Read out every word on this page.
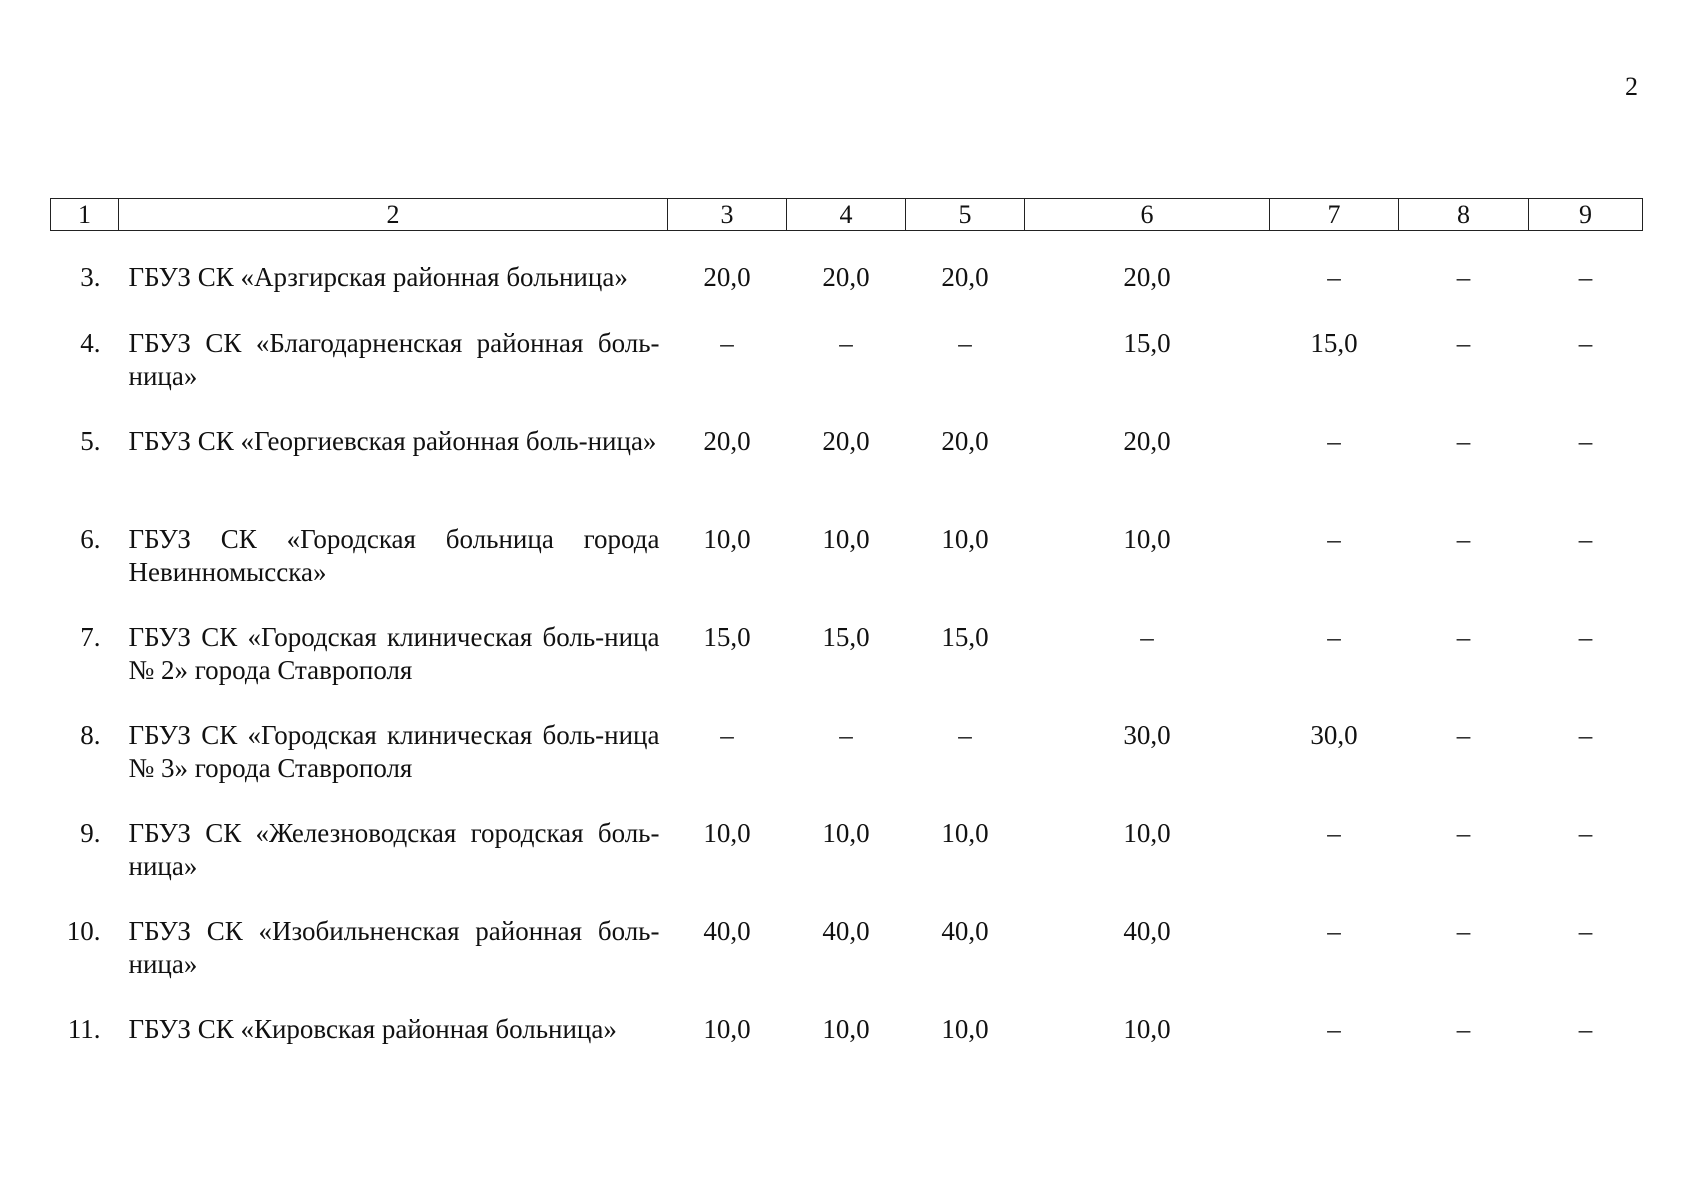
2
1	2	3	4	5	6	7	8	9
3.	ГБУЗ СК «Арзгирская районная больница»	20,0	20,0	20,0	20,0	–	–	–
4.	ГБУЗ СК «Благодарненская районная боль-ница»	–	–	–	15,0	15,0	–	–
5.	ГБУЗ СК «Георгиевская районная боль-ница»	20,0	20,0	20,0	20,0	–	–	–
6.	ГБУЗ СК «Городская больница города Невинномысска»	10,0	10,0	10,0	10,0	–	–	–
7.	ГБУЗ СК «Городская клиническая боль-ница № 2» города Ставрополя	15,0	15,0	15,0	–	–	–	–
8.	ГБУЗ СК «Городская клиническая боль-ница № 3» города Ставрополя	–	–	–	30,0	30,0	–	–
9.	ГБУЗ СК «Железноводская городская боль-ница»	10,0	10,0	10,0	10,0	–	–	–
10.	ГБУЗ СК «Изобильненская районная боль-ница»	40,0	40,0	40,0	40,0	–	–	–
11.	ГБУЗ СК «Кировская районная больница»	10,0	10,0	10,0	10,0	–	–	–
